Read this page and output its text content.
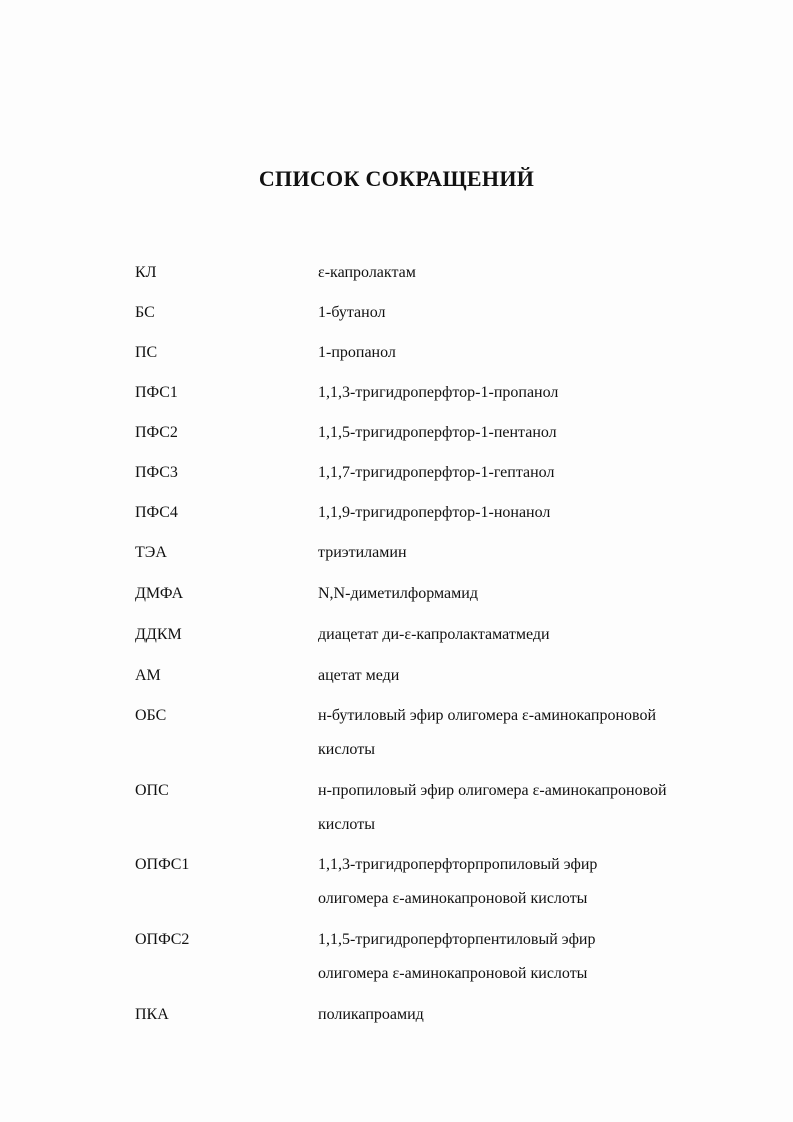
СПИСОК СОКРАЩЕНИЙ
КЛ	ε-капролактам
БС	1-бутанол
ПС	1-пропанол
ПФС1	1,1,3-тригидроперфтор-1-пропанол
ПФС2	1,1,5-тригидроперфтор-1-пентанол
ПФС3	1,1,7-тригидроперфтор-1-гептанол
ПФС4	1,1,9-тригидроперфтор-1-нонанол
ТЭА	триэтиламин
ДМФА	N,N-диметилформамид
ДДКМ	диацетат ди-ε-капролактаматмеди
АМ	ацетат меди
ОБС	н-бутиловый эфир олигомера ε-аминокапроновой
кислоты
ОПС	н-пропиловый эфир олигомера ε-аминокапроновой
кислоты
ОПФС1	1,1,3-тригидроперфторпропиловый эфир
олигомера ε-аминокапроновой кислоты
ОПФС2	1,1,5-тригидроперфторпентиловый эфир
олигомера ε-аминокапроновой кислоты
ПКА	поликапроамид
